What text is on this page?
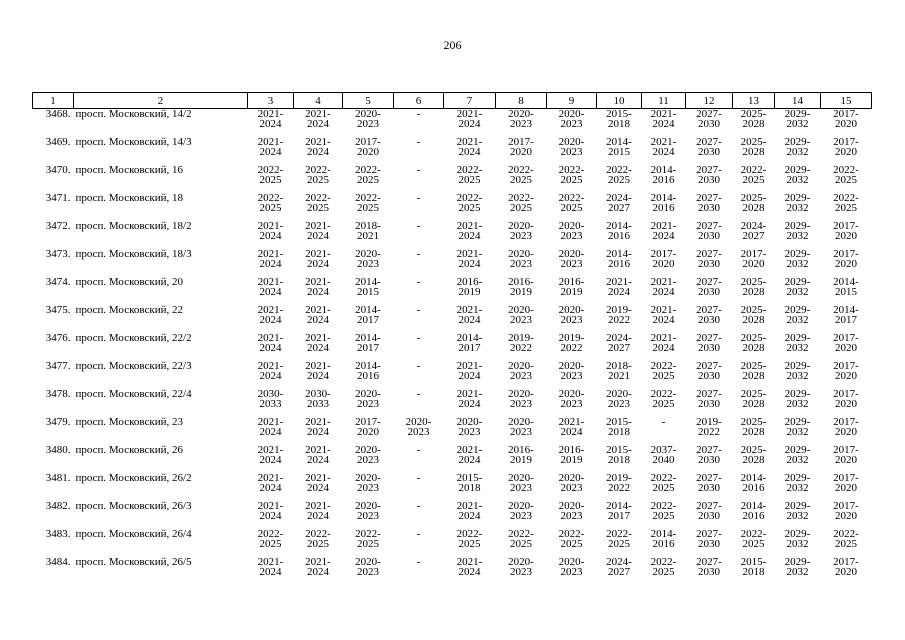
206
1	2	3	4	5	6	7	8	9	10	11	12	13	14	15
3468.	просп. Московский, 14/2	2021-2024	2021-2024	2020-2023	-	2021-2024	2020-2023	2020-2023	2015-2018	2021-2024	2027-2030	2025-2028	2029-2032	2017-2020

3469.	просп. Московский, 14/3	2021-2024	2021-2024	2017-2020	-	2021-2024	2017-2020	2020-2023	2014-2015	2021-2024	2027-2030	2025-2028	2029-2032	2017-2020

3470.	просп. Московский, 16	2022-2025	2022-2025	2022-2025	-	2022-2025	2022-2025	2022-2025	2022-2025	2014-2016	2027-2030	2022-2025	2029-2032	2022-2025

3471.	просп. Московский, 18	2022-2025	2022-2025	2022-2025	-	2022-2025	2022-2025	2022-2025	2024-2027	2014-2016	2027-2030	2025-2028	2029-2032	2022-2025

3472.	просп. Московский, 18/2	2021-2024	2021-2024	2018-2021	-	2021-2024	2020-2023	2020-2023	2014-2016	2021-2024	2027-2030	2024-2027	2029-2032	2017-2020

3473.	просп. Московский, 18/3	2021-2024	2021-2024	2020-2023	-	2021-2024	2020-2023	2020-2023	2014-2016	2017-2020	2027-2030	2017-2020	2029-2032	2017-2020

3474.	просп. Московский, 20	2021-2024	2021-2024	2014-2015	-	2016-2019	2016-2019	2016-2019	2021-2024	2021-2024	2027-2030	2025-2028	2029-2032	2014-2015

3475.	просп. Московский, 22	2021-2024	2021-2024	2014-2017	-	2021-2024	2020-2023	2020-2023	2019-2022	2021-2024	2027-2030	2025-2028	2029-2032	2014-2017

3476.	просп. Московский, 22/2	2021-2024	2021-2024	2014-2017	-	2014-2017	2019-2022	2019-2022	2024-2027	2021-2024	2027-2030	2025-2028	2029-2032	2017-2020

3477.	просп. Московский, 22/3	2021-2024	2021-2024	2014-2016	-	2021-2024	2020-2023	2020-2023	2018-2021	2022-2025	2027-2030	2025-2028	2029-2032	2017-2020

3478.	просп. Московский, 22/4	2030-2033	2030-2033	2020-2023	-	2021-2024	2020-2023	2020-2023	2020-2023	2022-2025	2027-2030	2025-2028	2029-2032	2017-2020

3479.	просп. Московский, 23	2021-2024	2021-2024	2017-2020	2020-2023	2020-2023	2020-2023	2021-2024	2015-2018	-	2019-2022	2025-2028	2029-2032	2017-2020

3480.	просп. Московский, 26	2021-2024	2021-2024	2020-2023	-	2021-2024	2016-2019	2016-2019	2015-2018	2037-2040	2027-2030	2025-2028	2029-2032	2017-2020

3481.	просп. Московский, 26/2	2021-2024	2021-2024	2020-2023	-	2015-2018	2020-2023	2020-2023	2019-2022	2022-2025	2027-2030	2014-2016	2029-2032	2017-2020

3482.	просп. Московский, 26/3	2021-2024	2021-2024	2020-2023	-	2021-2024	2020-2023	2020-2023	2014-2017	2022-2025	2027-2030	2014-2016	2029-2032	2017-2020

3483.	просп. Московский, 26/4	2022-2025	2022-2025	2022-2025	-	2022-2025	2022-2025	2022-2025	2022-2025	2014-2016	2027-2030	2022-2025	2029-2032	2022-2025

3484.	просп. Московский, 26/5	2021-2024	2021-2024	2020-2023	-	2021-2024	2020-2023	2020-2023	2024-2027	2022-2025	2027-2030	2015-2018	2029-2032	2017-2020
